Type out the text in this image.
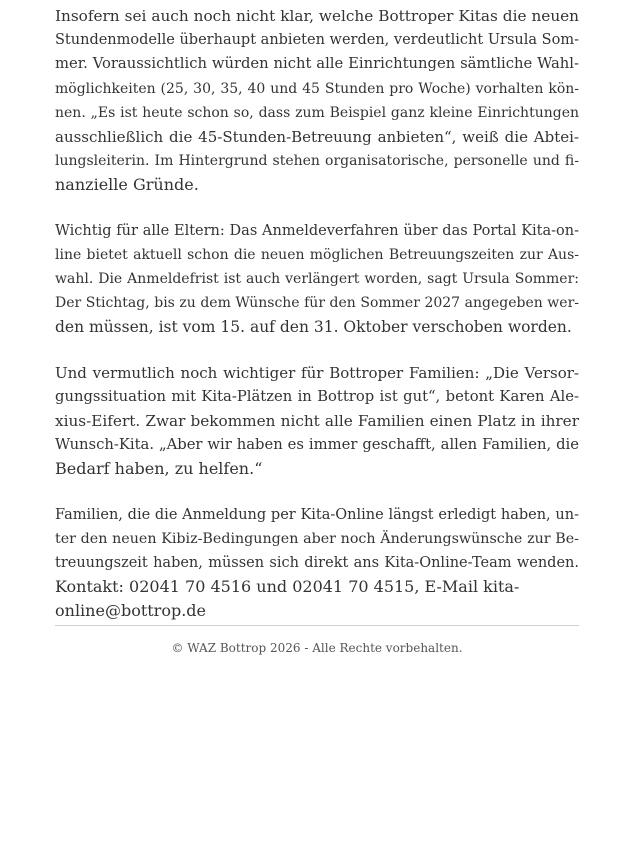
Insofern sei auch noch nicht klar, welche Bottroper Kitas die neuen
Stundenmodelle überhaupt anbieten werden, verdeutlicht Ursula Som-
mer. Voraussichtlich würden nicht alle Einrichtungen sämtliche Wahl-
möglichkeiten (25, 30, 35, 40 und 45 Stunden pro Woche) vorhalten kön-
nen. „Es ist heute schon so, dass zum Beispiel ganz kleine Einrichtungen
ausschließlich die 45-Stunden-Betreuung anbieten“, weiß die Abtei-
lungsleiterin. Im Hintergrund stehen organisatorische, personelle und fi-
nanzielle Gründe.

Wichtig für alle Eltern: Das Anmeldeverfahren über das Portal Kita-on-
line bietet aktuell schon die neuen möglichen Betreuungszeiten zur Aus-
wahl. Die Anmeldefrist ist auch verlängert worden, sagt Ursula Sommer:
Der Stichtag, bis zu dem Wünsche für den Sommer 2027 angegeben wer-
den müssen, ist vom 15. auf den 31. Oktober verschoben worden.

Und vermutlich noch wichtiger für Bottroper Familien: „Die Versor-
gungssituation mit Kita-Plätzen in Bottrop ist gut“, betont Karen Ale-
xius-Eifert. Zwar bekommen nicht alle Familien einen Platz in ihrer
Wunsch-Kita. „Aber wir haben es immer geschafft, allen Familien, die
Bedarf haben, zu helfen.“

Familien, die die Anmeldung per Kita-Online längst erledigt haben, un-
ter den neuen Kibiz-Bedingungen aber noch Änderungswünsche zur Be-
treuungszeit haben, müssen sich direkt ans Kita-Online-Team wenden.
Kontakt: 02041 70 4516 und 02041 70 4515, E-Mail kita-
online@bottrop.de

© WAZ Bottrop 2026 - Alle Rechte vorbehalten.
